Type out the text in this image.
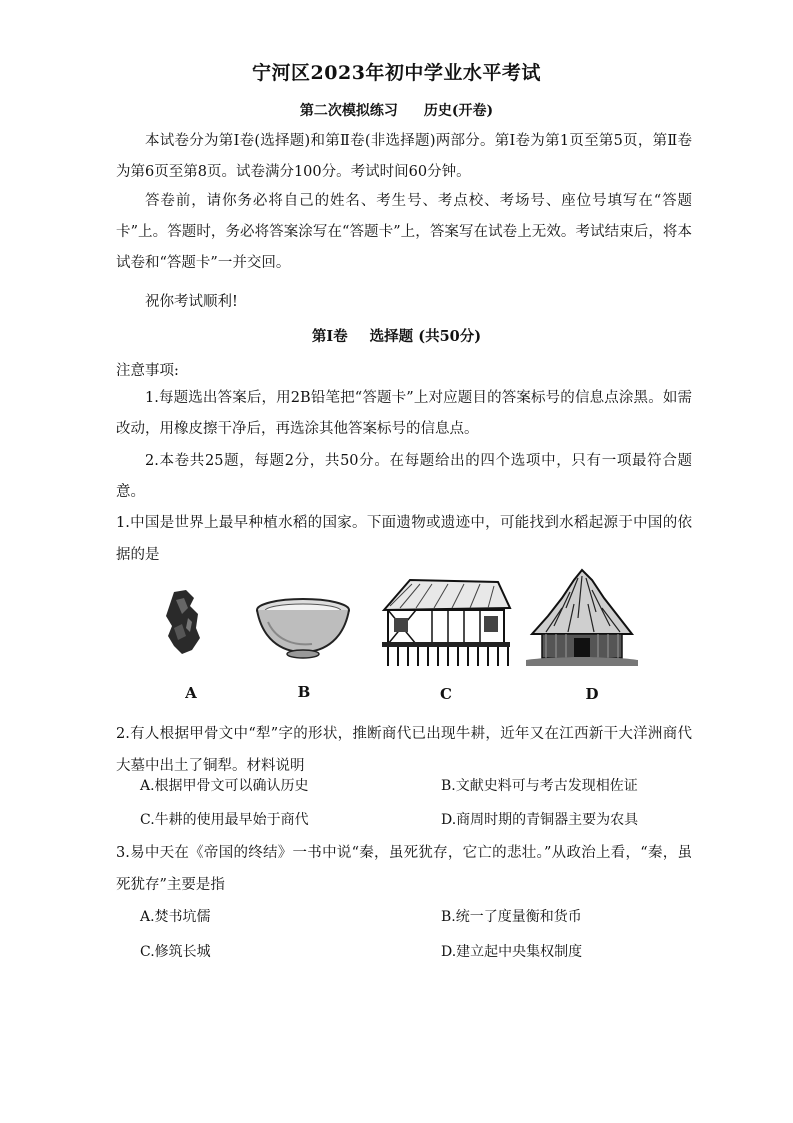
宁河区2023年初中学业水平考试
第二次模拟练习 历史(开卷)
本试卷分为第Ⅰ卷(选择题)和第Ⅱ卷(非选择题)两部分。第Ⅰ卷为第1页至第5页，第Ⅱ卷为第6页至第8页。试卷满分100分。考试时间60分钟。
答卷前，请你务必将自己的姓名、考生号、考点校、考场号、座位号填写在“答题卡”上。答题时，务必将答案涂写在“答题卡”上，答案写在试卷上无效。考试结束后，将本试卷和“答题卡”一并交回。
祝你考试顺利!
第Ⅰ卷 选择题 (共50分)
注意事项:
1.每题选出答案后，用2B铅笔把“答题卡”上对应题目的答案标号的信息点涂黑。如需改动，用橡皮擦干净后，再选涂其他答案标号的信息点。
2.本卷共25题，每题2分，共50分。在每题给出的四个选项中，只有一项最符合题意。
1.中国是世界上最早种植水稻的国家。下面遗物或遗迹中，可能找到水稻起源于中国的依据的是
A	B	C	D
2.有人根据甲骨文中“犁”字的形状，推断商代已出现牛耕，近年又在江西新干大洋洲商代大墓中出土了铜犁。材料说明
A.根据甲骨文可以确认历史	B.文献史料可与考古发现相佐证
C.牛耕的使用最早始于商代	D.商周时期的青铜器主要为农具
3.易中天在《帝国的终结》一书中说“秦，虽死犹存，它亡的悲壮。”从政治上看，“秦，虽死犹存”主要是指
A.焚书坑儒	B.统一了度量衡和货币
C.修筑长城	D.建立起中央集权制度
